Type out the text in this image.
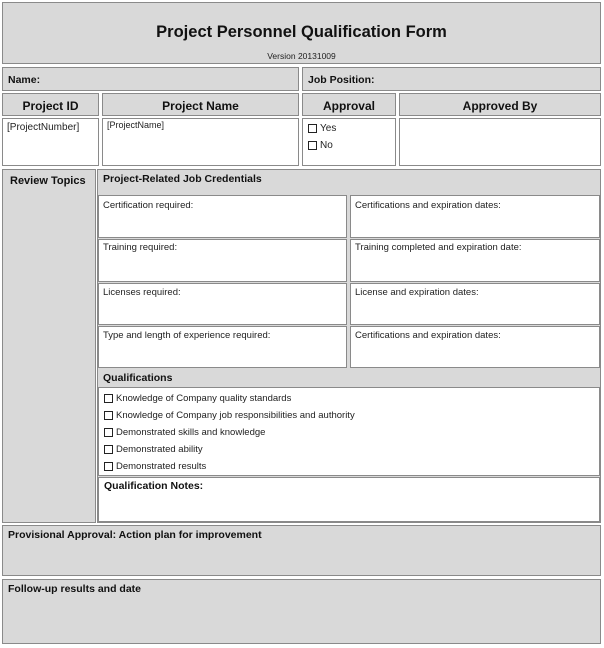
Project Personnel Qualification Form
Version 20131009
Name:	Job Position:
Project ID	Project Name	Approval	Approved By
[ProjectNumber]	[ProjectName]	Yes
No
Review Topics Project-Related Job Credentials
Certification required:	Certifications and expiration dates:
Training required:	Training completed and expiration date:
Licenses required:	License and expiration dates:
Type and length of experience required:	Certifications and expiration dates:
Qualifications
Knowledge of Company quality standards
Knowledge of Company job responsibilities and authority
Demonstrated skills and knowledge
Demonstrated ability
Demonstrated results
Qualification Notes:
Provisional Approval: Action plan for improvement
Follow-up results and date
